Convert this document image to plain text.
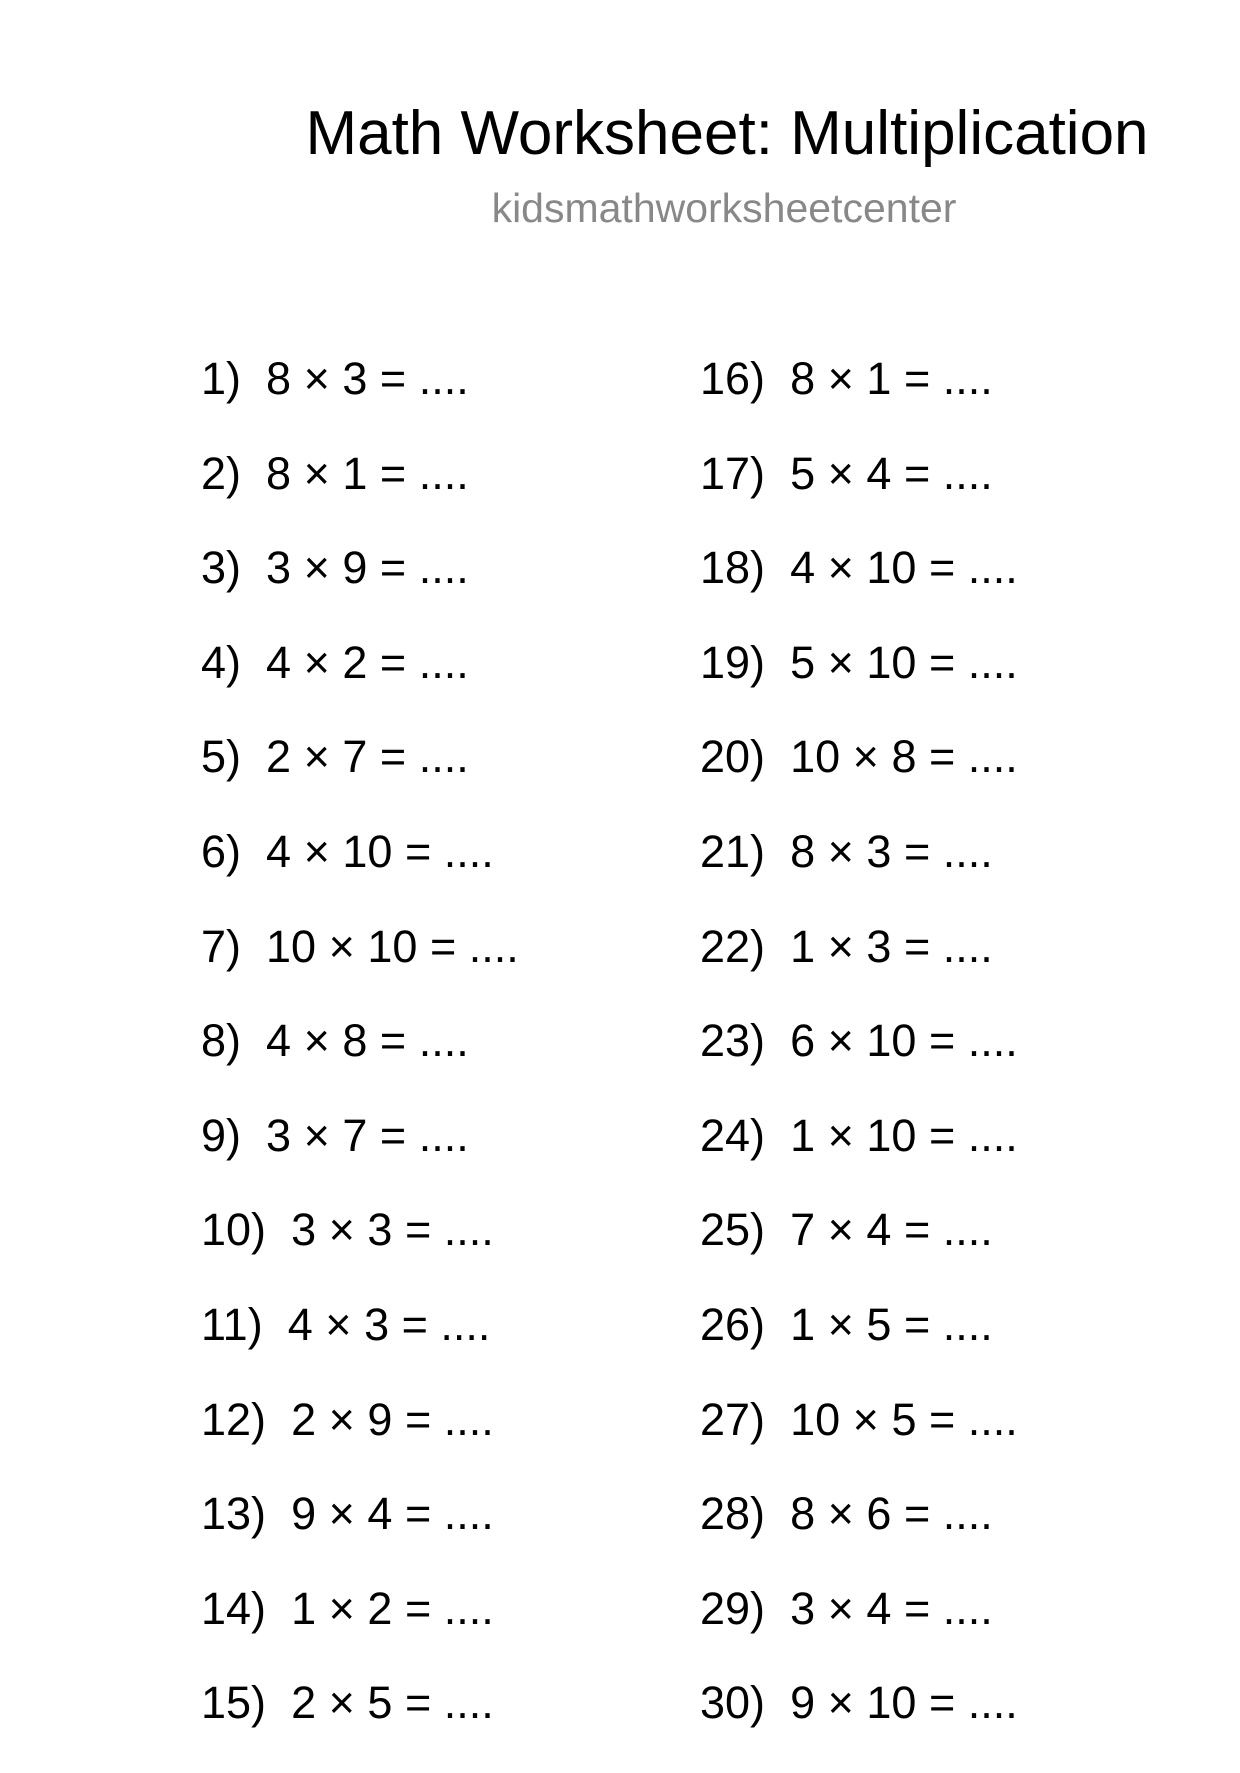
Math Worksheet: Multiplication
kidsmathworksheetcenter
1) 8 × 3 = ....
2) 8 × 1 = ....
3) 3 × 9 = ....
4) 4 × 2 = ....
5) 2 × 7 = ....
6) 4 × 10 = ....
7) 10 × 10 = ....
8) 4 × 8 = ....
9) 3 × 7 = ....
10) 3 × 3 = ....
11) 4 × 3 = ....
12) 2 × 9 = ....
13) 9 × 4 = ....
14) 1 × 2 = ....
15) 2 × 5 = ....
16) 8 × 1 = ....
17) 5 × 4 = ....
18) 4 × 10 = ....
19) 5 × 10 = ....
20) 10 × 8 = ....
21) 8 × 3 = ....
22) 1 × 3 = ....
23) 6 × 10 = ....
24) 1 × 10 = ....
25) 7 × 4 = ....
26) 1 × 5 = ....
27) 10 × 5 = ....
28) 8 × 6 = ....
29) 3 × 4 = ....
30) 9 × 10 = ....
